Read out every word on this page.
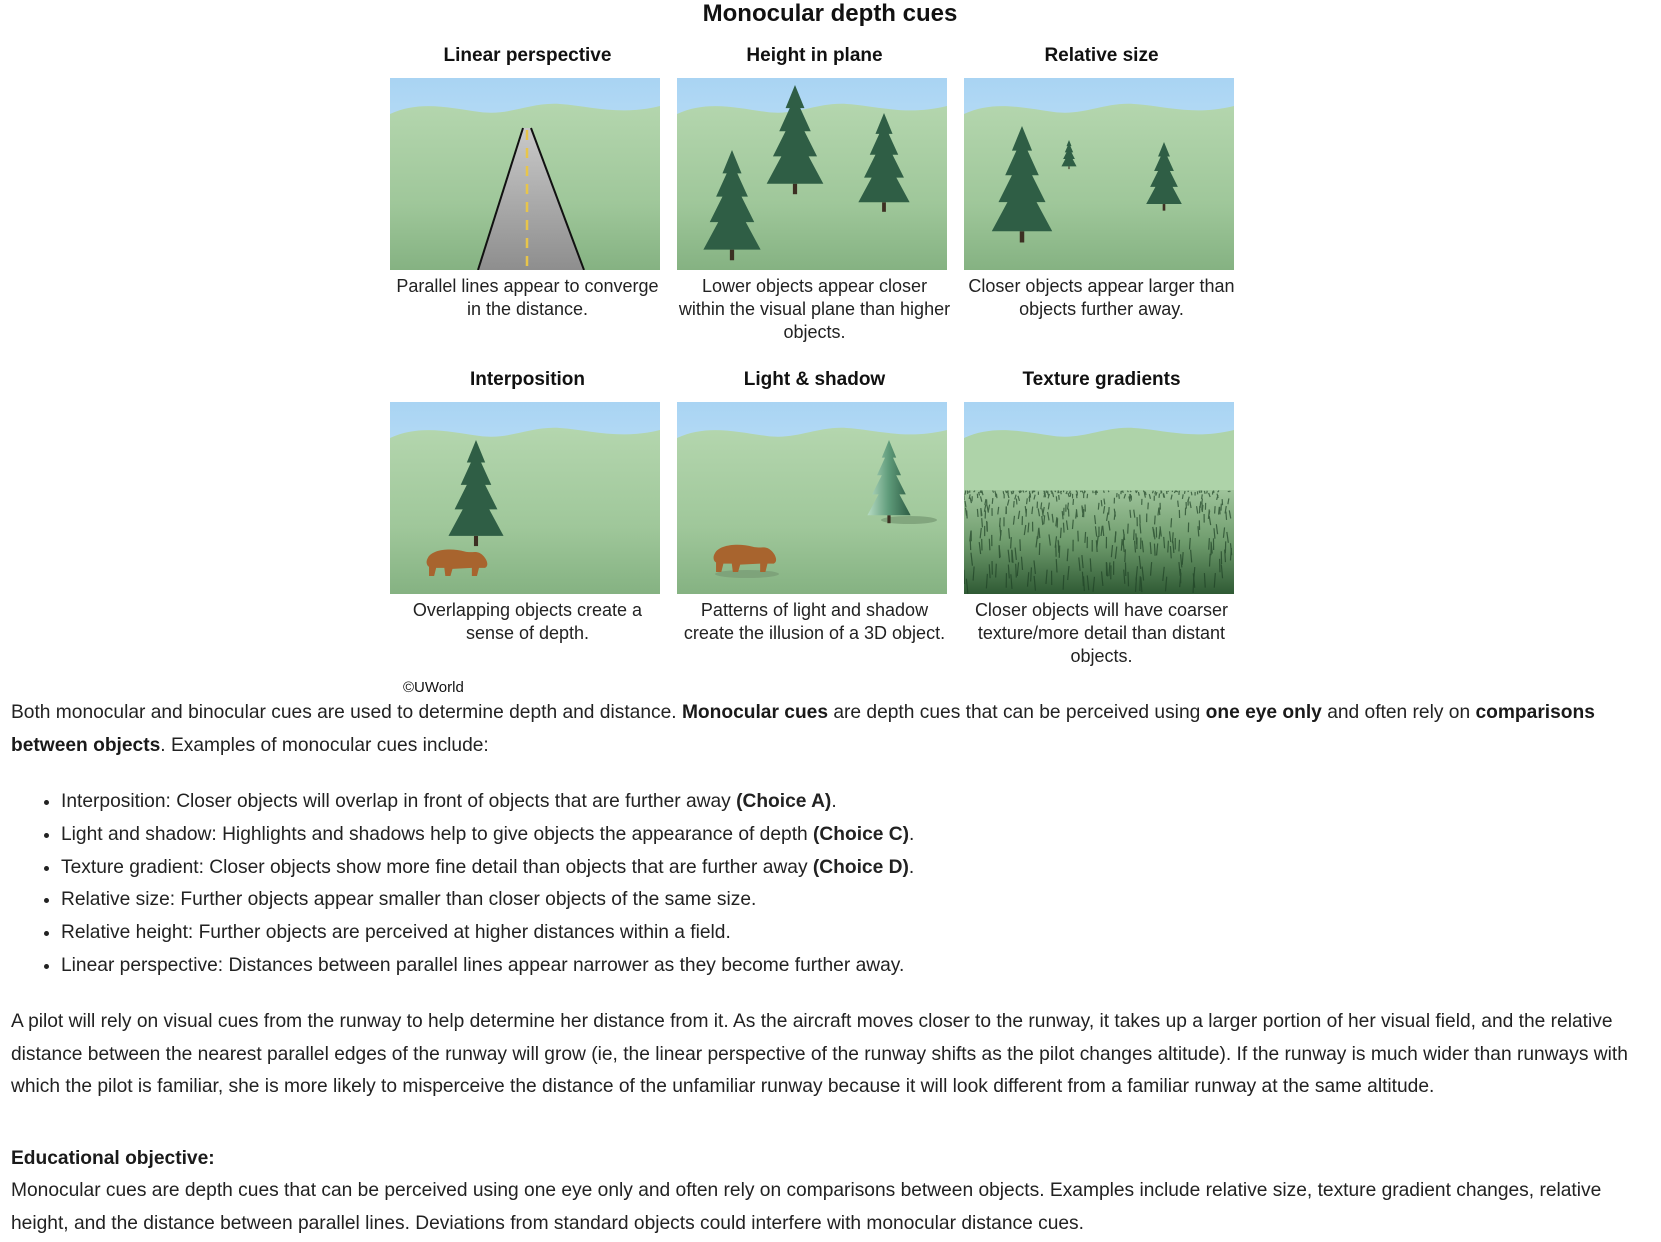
Monocular depth cues
Linear perspective
Parallel lines appear to converge in the distance.
Height in plane
Lower objects appear closer within the visual plane than higher objects.
Relative size
Closer objects appear larger than objects further away.
Interposition
Overlapping objects create a sense of depth.
Light & shadow
Patterns of light and shadow create the illusion of a 3D object.
Texture gradients
Closer objects will have coarser texture/more detail than distant objects.
©UWorld
Both monocular and binocular cues are used to determine depth and distance. Monocular cues are depth cues that can be perceived using one eye only and often rely on comparisons between objects. Examples of monocular cues include:
• Interposition: Closer objects will overlap in front of objects that are further away (Choice A).
• Light and shadow: Highlights and shadows help to give objects the appearance of depth (Choice C).
• Texture gradient: Closer objects show more fine detail than objects that are further away (Choice D).
• Relative size: Further objects appear smaller than closer objects of the same size.
• Relative height: Further objects are perceived at higher distances within a field.
• Linear perspective: Distances between parallel lines appear narrower as they become further away.
A pilot will rely on visual cues from the runway to help determine her distance from it. As the aircraft moves closer to the runway, it takes up a larger portion of her visual field, and the relative distance between the nearest parallel edges of the runway will grow (ie, the linear perspective of the runway shifts as the pilot changes altitude). If the runway is much wider than runways with which the pilot is familiar, she is more likely to misperceive the distance of the unfamiliar runway because it will look different from a familiar runway at the same altitude.
Educational objective:
Monocular cues are depth cues that can be perceived using one eye only and often rely on comparisons between objects. Examples include relative size, texture gradient changes, relative height, and the distance between parallel lines. Deviations from standard objects could interfere with monocular distance cues.
